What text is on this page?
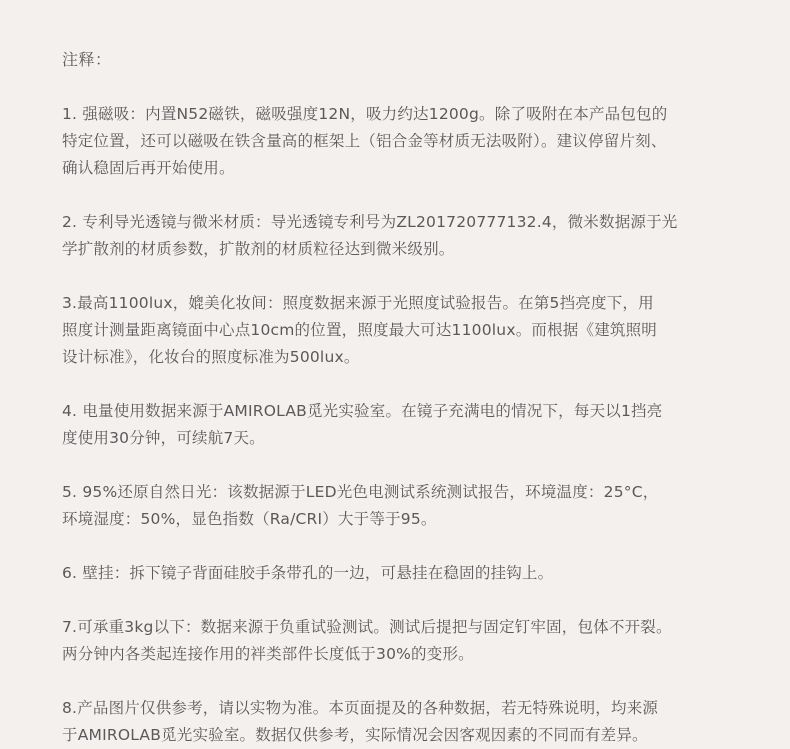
注释：

1. 强磁吸：内置N52磁铁，磁吸强度12N，吸力约达1200g。除了吸附在本产品包包的

特定位置，还可以磁吸在铁含量高的框架上（铝合金等材质无法吸附）。建议停留片刻、

确认稳固后再开始使用。

2. 专利导光透镜与微米材质：导光透镜专利号为ZL201720777132.4，微米数据源于光

学扩散剂的材质参数，扩散剂的材质粒径达到微米级别。

3.最高1100lux，媲美化妆间：照度数据来源于光照度试验报告。在第5挡亮度下，用

照度计测量距离镜面中心点10cm的位置，照度最大可达1100lux。而根据《建筑照明

设计标准》，化妆台的照度标准为500lux。

4. 电量使用数据来源于AMIROLAB觅光实验室。在镜子充满电的情况下，每天以1挡亮

度使用30分钟，可续航7天。

5. 95%还原自然日光：该数据源于LED光色电测试系统测试报告，环境温度：25°C，

环境湿度：50%，显色指数（Ra/CRI）大于等于95。

6. 壁挂：拆下镜子背面硅胶手条带孔的一边，可悬挂在稳固的挂钩上。

7.可承重3kg以下：数据来源于负重试验测试。测试后提把与固定钉牢固，包体不开裂。

两分钟内各类起连接作用的袢类部件长度低于30%的变形。

8.产品图片仅供参考，请以实物为准。本页面提及的各种数据，若无特殊说明，均来源

于AMIROLAB觅光实验室。数据仅供参考，实际情况会因客观因素的不同而有差异。
